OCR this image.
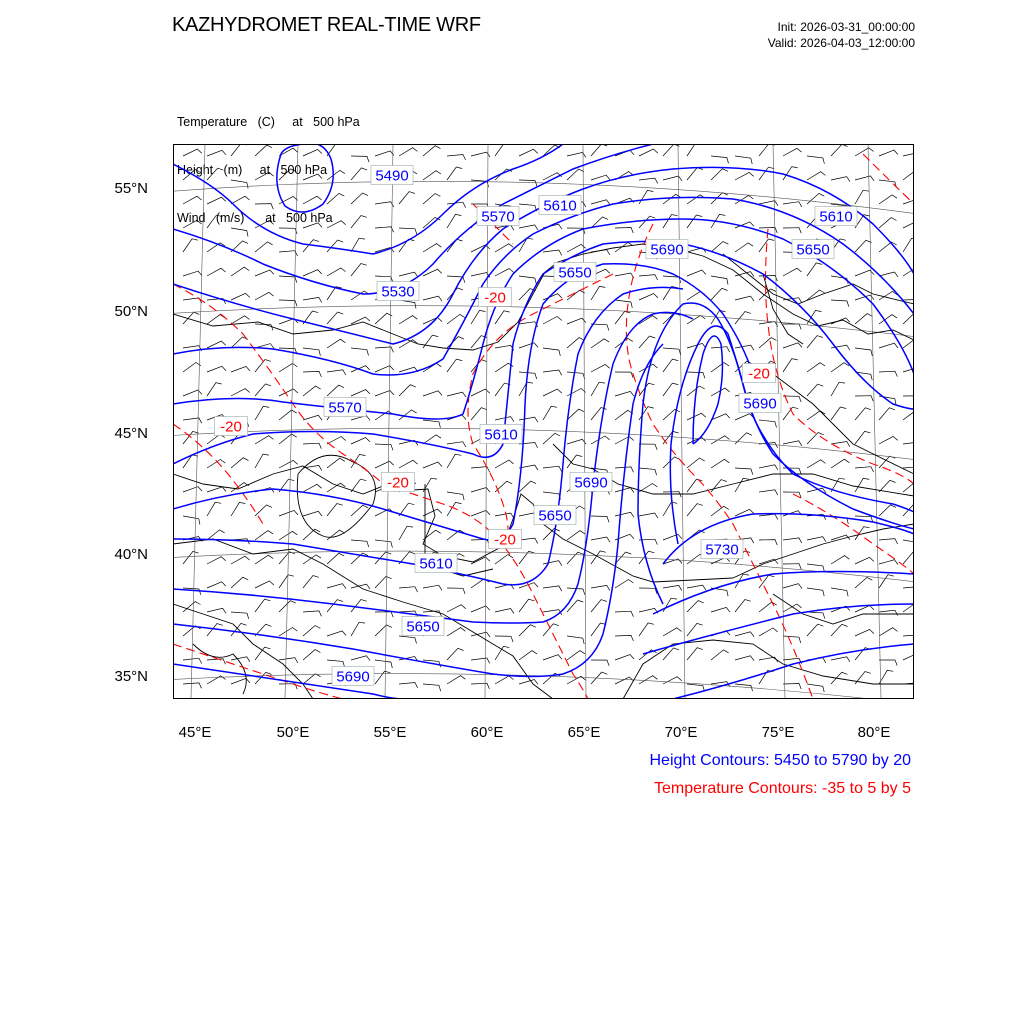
KAZHYDROMET REAL-TIME WRF	Init: 2026-03-31_00:00:00
Valid: 2026-04-03_12:00:00

Temperature   (C)     at   500 hPa

Height   (m)     at   500 hPa

Wind   (m/s)      at   500 hPa

5490
5570
5610
5610
5690	5650
5530
5650
5570
5610
5690
5690
5650
5730
5610
5650
5690
-20
-20
-20
-20
-20
55°N
50°N
45°N
40°N
35°N
45°E	50°E	55°E	60°E	65°E	70°E	75°E	80°E
Height Contours: 5450 to 5790 by 20
Temperature Contours: -35 to 5 by 5
